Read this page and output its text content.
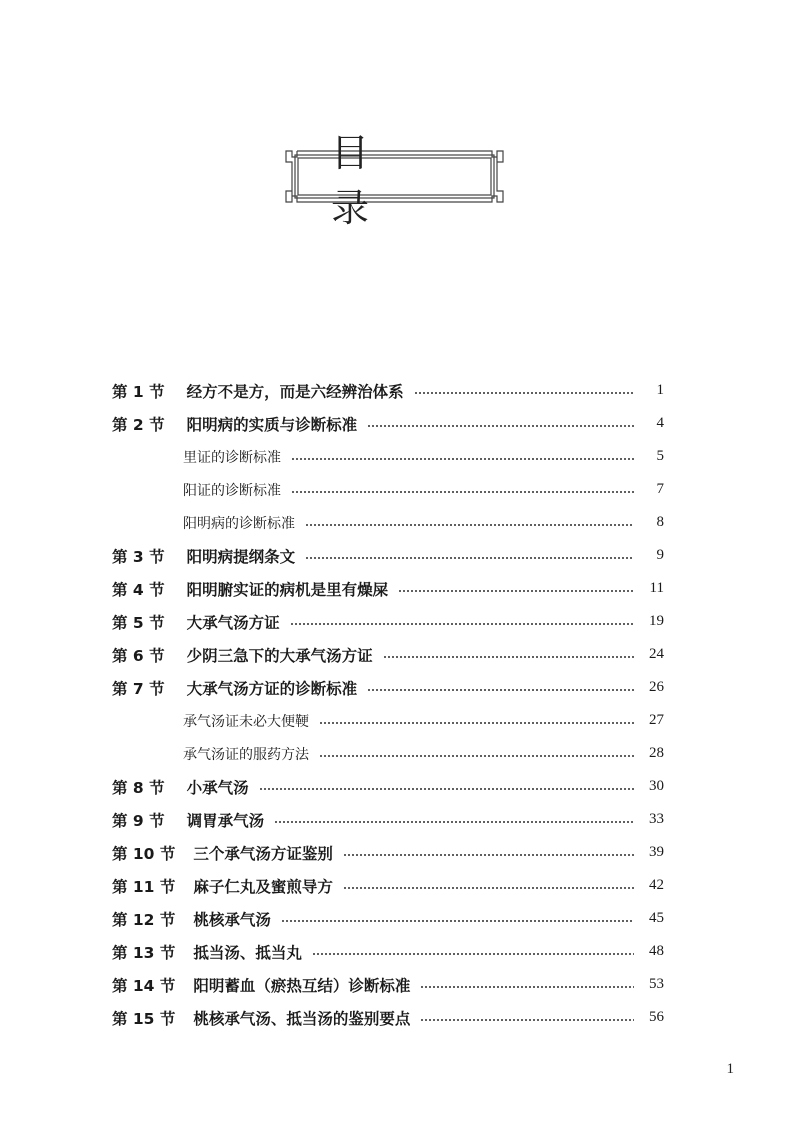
目　录
第 1 节 经方不是方，而是六经辨治体系	1
第 2 节 阳明病的实质与诊断标准	4
里证的诊断标准	5
阳证的诊断标准	7
阳明病的诊断标准	8
第 3 节 阳明病提纲条文	9
第 4 节 阳明腑实证的病机是里有燥屎	11
第 5 节 大承气汤方证	19
第 6 节 少阴三急下的大承气汤方证	24
第 7 节 大承气汤方证的诊断标准	26
承气汤证未必大便鞕	27
承气汤证的服药方法	28
第 8 节 小承气汤	30
第 9 节 调胃承气汤	33
第 10 节 三个承气汤方证鉴别	39
第 11 节 麻子仁丸及蜜煎导方	42
第 12 节 桃核承气汤	45
第 13 节 抵当汤、抵当丸	48
第 14 节 阳明蓄血（瘀热互结）诊断标准	53
第 15 节 桃核承气汤、抵当汤的鉴别要点	56
1
